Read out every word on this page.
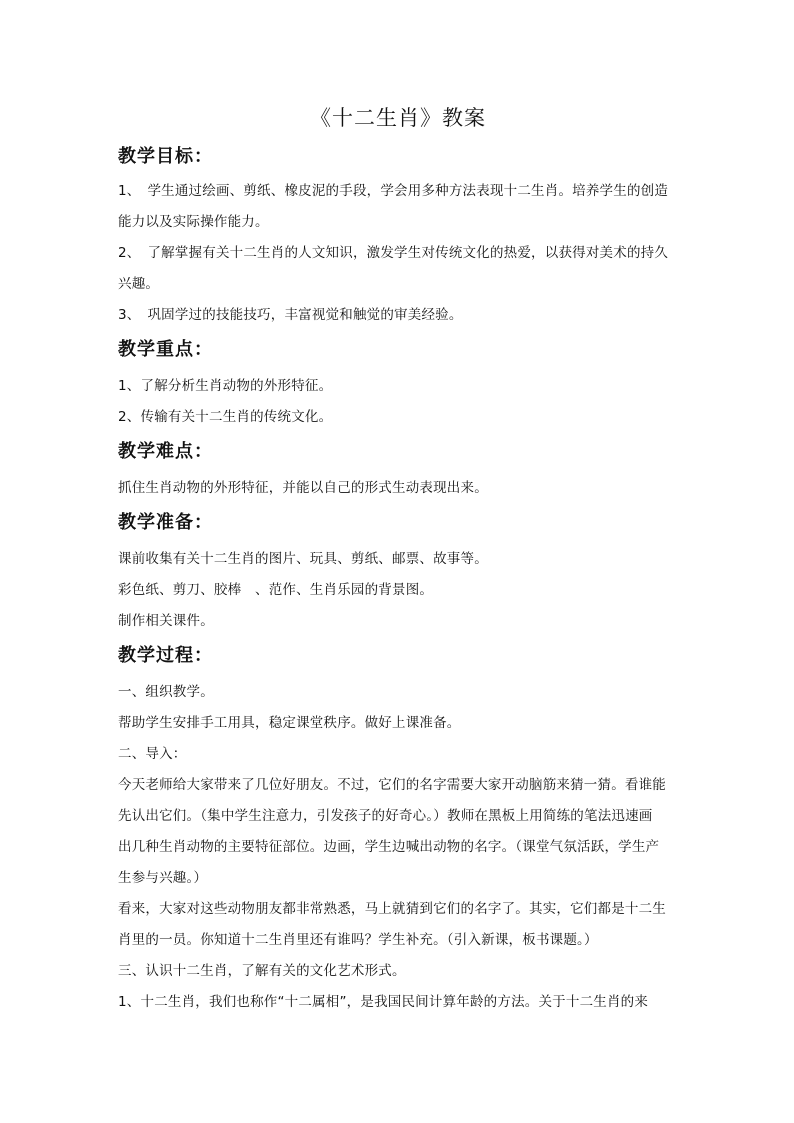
《十二生肖》教案
教学目标：

1、　学生通过绘画、剪纸、橡皮泥的手段，学会用多种方法表现十二生肖。培养学生的创造

能力以及实际操作能力。

2、　了解掌握有关十二生肖的人文知识，激发学生对传统文化的热爱，以获得对美术的持久

兴趣。

3、　巩固学过的技能技巧，丰富视觉和触觉的审美经验。

教学重点：

1、了解分析生肖动物的外形特征。

2、传输有关十二生肖的传统文化。

教学难点：

抓住生肖动物的外形特征，并能以自己的形式生动表现出来。

教学准备：

课前收集有关十二生肖的图片、玩具、剪纸、邮票、故事等。

彩色纸、剪刀、胶棒　、范作、生肖乐园的背景图。

制作相关课件。

教学过程：

一、组织教学。

帮助学生安排手工用具，稳定课堂秩序。做好上课准备。

二、导入：

今天老师给大家带来了几位好朋友。不过，它们的名字需要大家开动脑筋来猜一猜。看谁能

先认出它们。（集中学生注意力，引发孩子的好奇心。）教师在黑板上用简练的笔法迅速画

出几种生肖动物的主要特征部位。边画，学生边喊出动物的名字。（课堂气氛活跃，学生产

生参与兴趣。）

看来，大家对这些动物朋友都非常熟悉，马上就猜到它们的名字了。其实，它们都是十二生

肖里的一员。你知道十二生肖里还有谁吗？学生补充。（引入新课，板书课题。）

三、认识十二生肖，了解有关的文化艺术形式。

1、十二生肖，我们也称作“十二属相”，是我国民间计算年龄的方法。关于十二生肖的来
